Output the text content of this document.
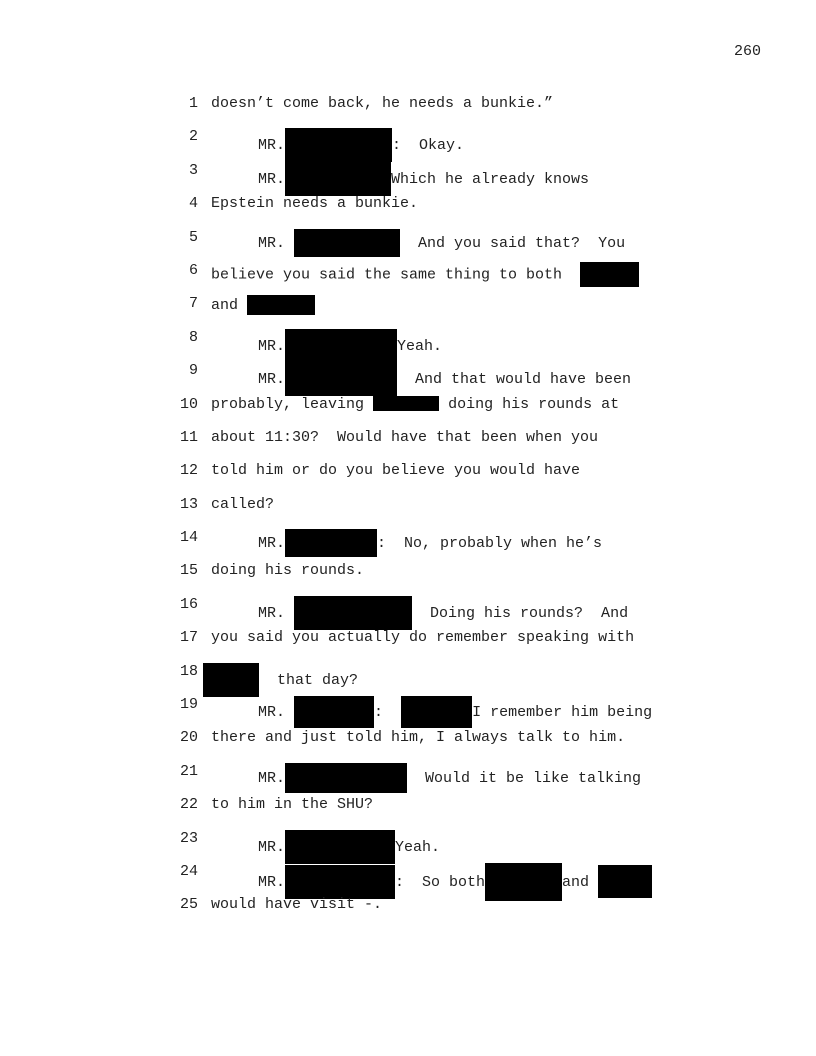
260

1

doesn’t come back, he needs a bunkie.”

2

MR.	:  Okay.

3

MR.	Which he already knows

4

Epstein needs a bunkie.

5

	MR.	And you said that?  You

6

believe you said the same thing to both

7

and

8

MR.	Yeah.

9

MR.	And that would have been

10

probably, leaving	doing his rounds at

11

about 11:30?  Would have that been when you

12

told him or do you believe you would have

13

called?

14

	MR.	:  No, probably when he’s

15

doing his rounds.

16

MR.	Doing his rounds?  And

17

you said you actually do remember speaking with

18

that day?

19

	MR.	:	I remember him being

20

there and just told him, I always talk to him.

21

	MR.	Would it be like talking

22

to him in the SHU?

23

MR.	Yeah.

24

MR.	:  So both	and

25

would have visit -.
